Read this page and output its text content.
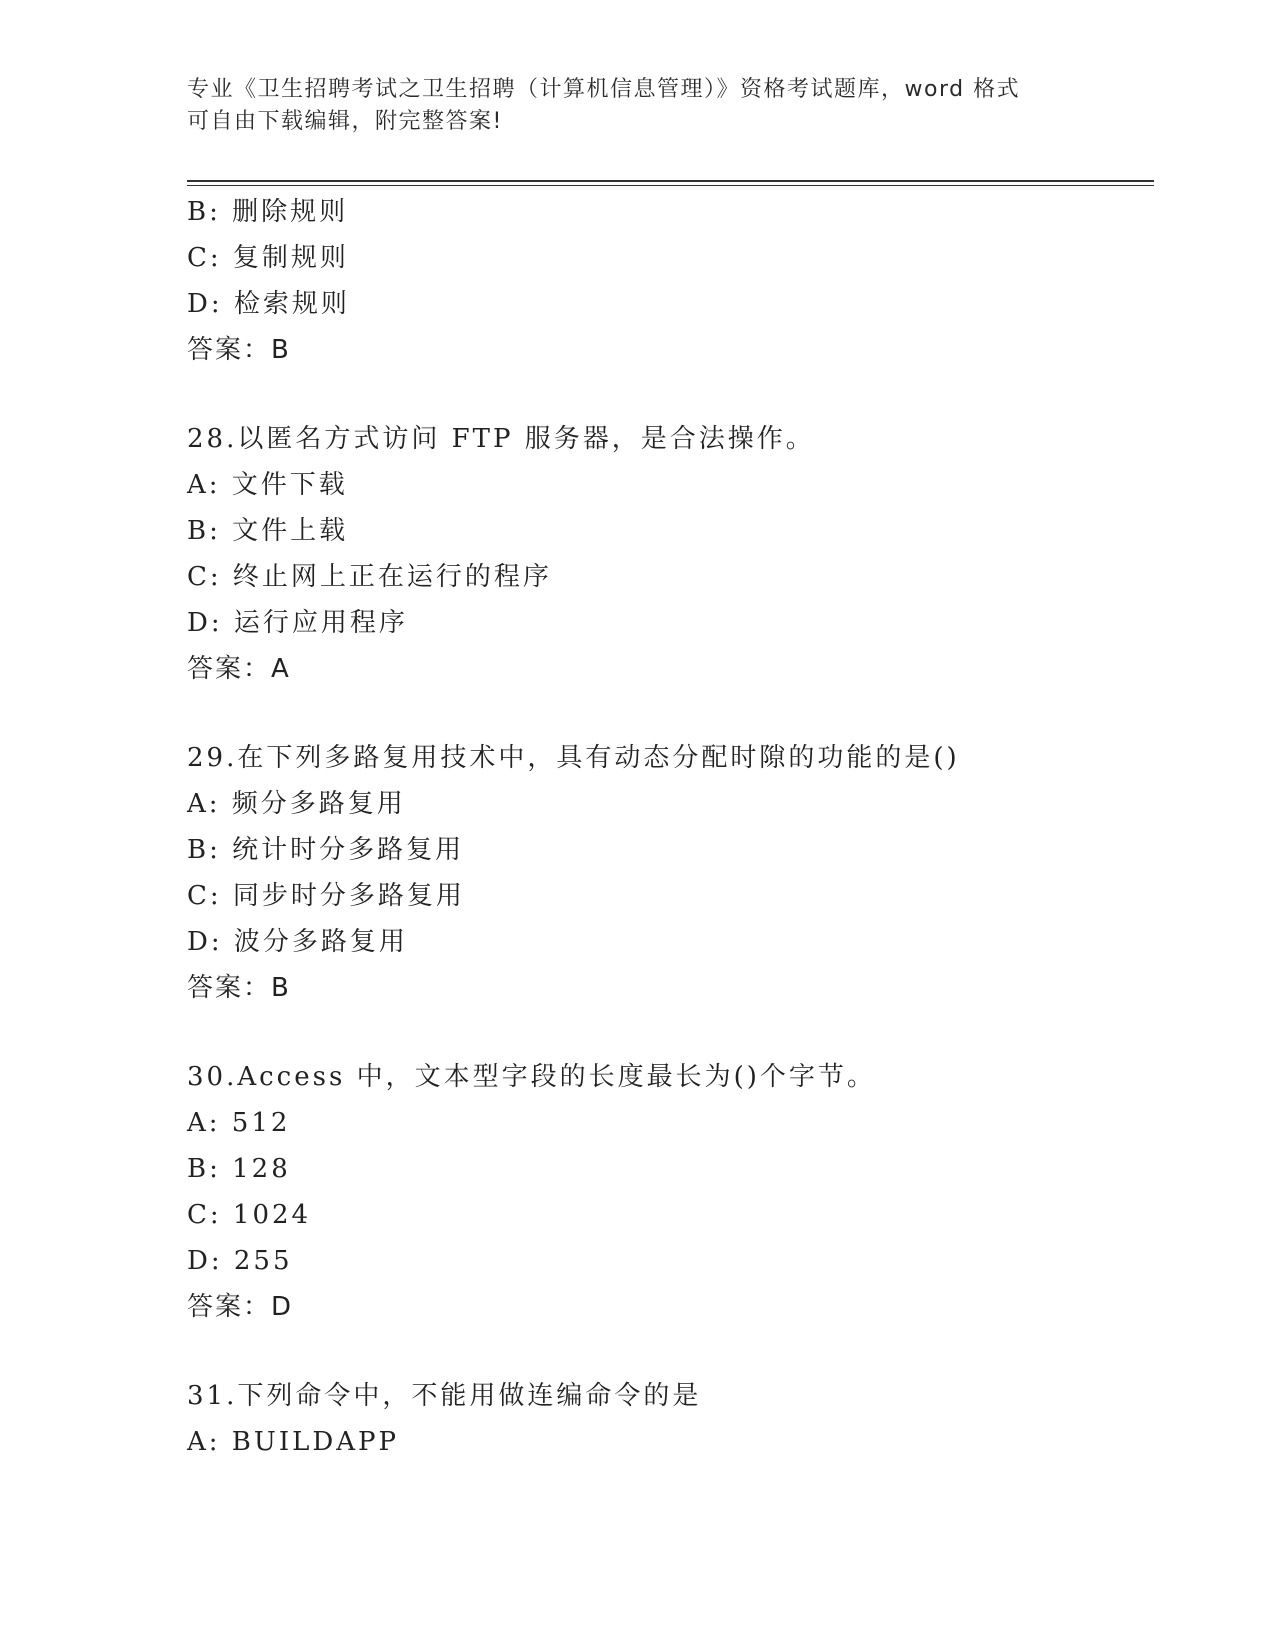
专业《卫生招聘考试之卫生招聘（计算机信息管理）》资格考试题库，word 格式
可自由下载编辑，附完整答案!
B: 删除规则
C: 复制规则
D: 检索规则
答案：B
28.以匿名方式访问 FTP 服务器，是合法操作。
A: 文件下载
B: 文件上载
C: 终止网上正在运行的程序
D: 运行应用程序
答案：A
29.在下列多路复用技术中，具有动态分配时隙的功能的是()
A: 频分多路复用
B: 统计时分多路复用
C: 同步时分多路复用
D: 波分多路复用
答案：B
30.Access 中，文本型字段的长度最长为()个字节。
A: 512
B: 128
C: 1024
D: 255
答案：D
31.下列命令中，不能用做连编命令的是
A: BUILDAPP
